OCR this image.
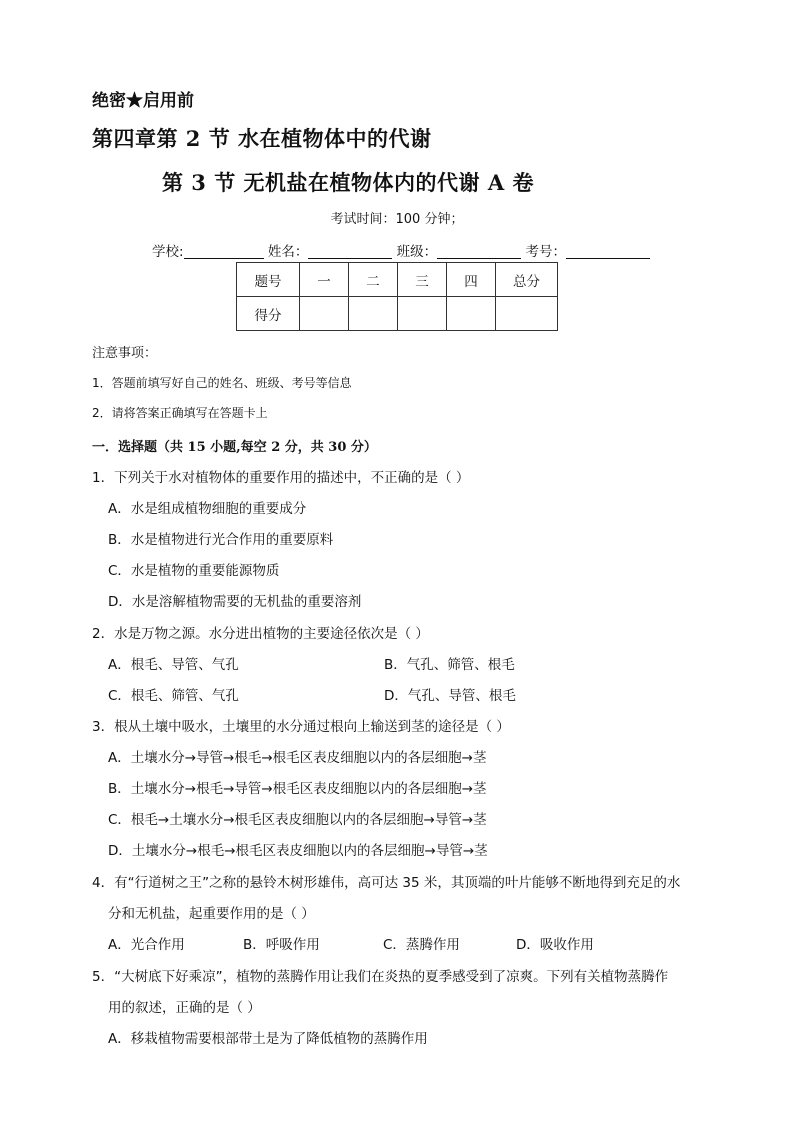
绝密★启用前
第四章第 2 节 水在植物体中的代谢
第 3 节 无机盐在植物体内的代谢 A 卷
考试时间：100 分钟；
学校:	姓名：	班级：	考号：
题号	一	二	三	四	总分
得分					
注意事项：
1．答题前填写好自己的姓名、班级、考号等信息
2．请将答案正确填写在答题卡上
一．选择题（共 15 小题,每空 2 分，共 30 分）
1．下列关于水对植物体的重要作用的描述中，不正确的是（ ）
A．水是组成植物细胞的重要成分
B．水是植物进行光合作用的重要原料
C．水是植物的重要能源物质
D．水是溶解植物需要的无机盐的重要溶剂
2．水是万物之源。水分进出植物的主要途径依次是（ ）
A．根毛、导管、气孔	B．气孔、筛管、根毛
C．根毛、筛管、气孔	D．气孔、导管、根毛
3．根从土壤中吸水，土壤里的水分通过根向上输送到茎的途径是（ ）
A．土壤水分→导管→根毛→根毛区表皮细胞以内的各层细胞→茎
B．土壤水分→根毛→导管→根毛区表皮细胞以内的各层细胞→茎
C．根毛→土壤水分→根毛区表皮细胞以内的各层细胞→导管→茎
D．土壤水分→根毛→根毛区表皮细胞以内的各层细胞→导管→茎
4．有“行道树之王”之称的悬铃木树形雄伟，高可达 35 米，其顶端的叶片能够不断地得到充足的水
分和无机盐，起重要作用的是（ ）
A．光合作用	B．呼吸作用	C．蒸腾作用	D．吸收作用
5．“大树底下好乘凉”，植物的蒸腾作用让我们在炎热的夏季感受到了凉爽。下列有关植物蒸腾作
用的叙述，正确的是（ ）
A．移栽植物需要根部带土是为了降低植物的蒸腾作用
